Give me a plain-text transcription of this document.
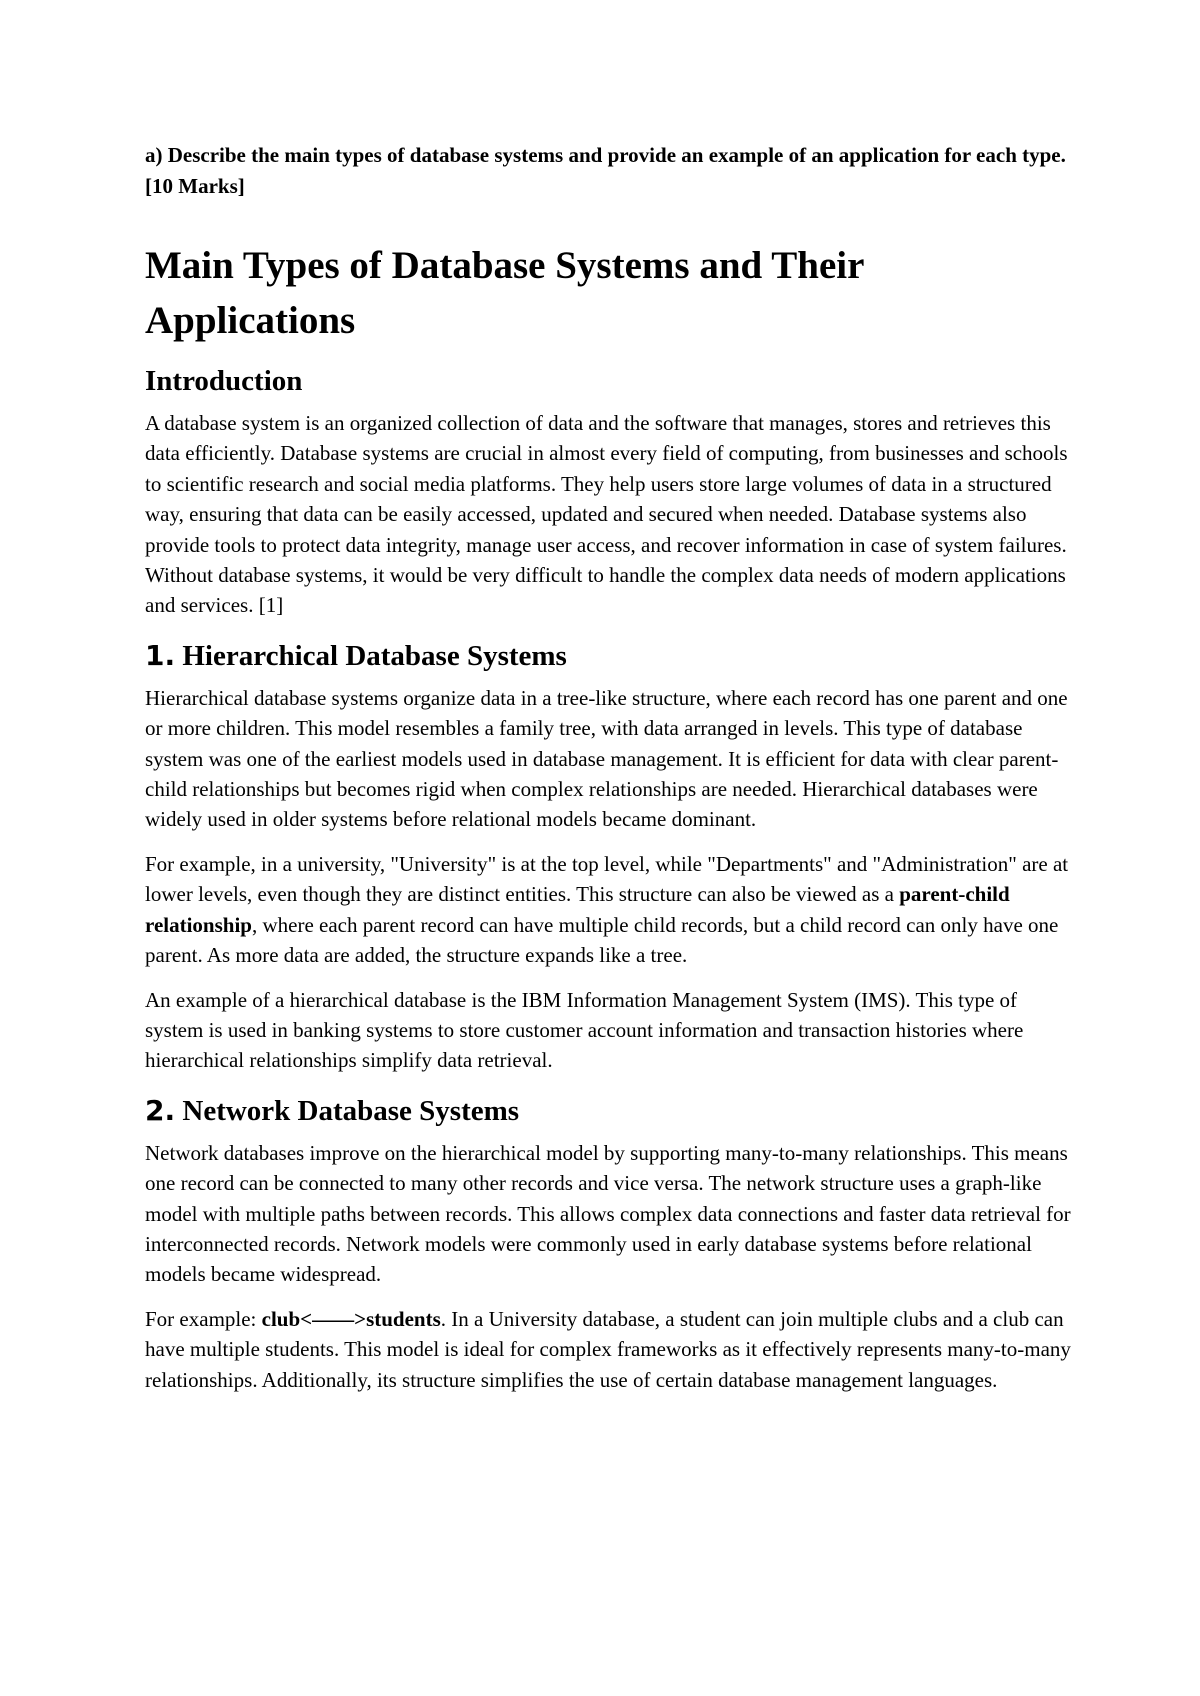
a) Describe the main types of database systems and provide an example of an application for each type. [10 Marks]

Main Types of Database Systems and Their Applications
Introduction

A database system is an organized collection of data and the software that manages, stores and retrieves this data efficiently. Database systems are crucial in almost every field of computing, from businesses and schools to scientific research and social media platforms. They help users store large volumes of data in a structured way, ensuring that data can be easily accessed, updated and secured when needed. Database systems also provide tools to protect data integrity, manage user access, and recover information in case of system failures. Without database systems, it would be very difficult to handle the complex data needs of modern applications and services. [1]

1. Hierarchical Database Systems

Hierarchical database systems organize data in a tree-like structure, where each record has one parent and one or more children. This model resembles a family tree, with data arranged in levels. This type of database system was one of the earliest models used in database management. It is efficient for data with clear parent-child relationships but becomes rigid when complex relationships are needed. Hierarchical databases were widely used in older systems before relational models became dominant.

For example, in a university, "University" is at the top level, while "Departments" and "Administration" are at lower levels, even though they are distinct entities. This structure can also be viewed as a parent-child relationship, where each parent record can have multiple child records, but a child record can only have one parent. As more data are added, the structure expands like a tree.

An example of a hierarchical database is the IBM Information Management System (IMS). This type of system is used in banking systems to store customer account information and transaction histories where hierarchical relationships simplify data retrieval.

2. Network Database Systems

Network databases improve on the hierarchical model by supporting many-to-many relationships. This means one record can be connected to many other records and vice versa. The network structure uses a graph-like model with multiple paths between records. This allows complex data connections and faster data retrieval for interconnected records. Network models were commonly used in early database systems before relational models became widespread.

For example: club<——>students. In a University database, a student can join multiple clubs and a club can have multiple students. This model is ideal for complex frameworks as it effectively represents many-to-many relationships. Additionally, its structure simplifies the use of certain database management languages.
